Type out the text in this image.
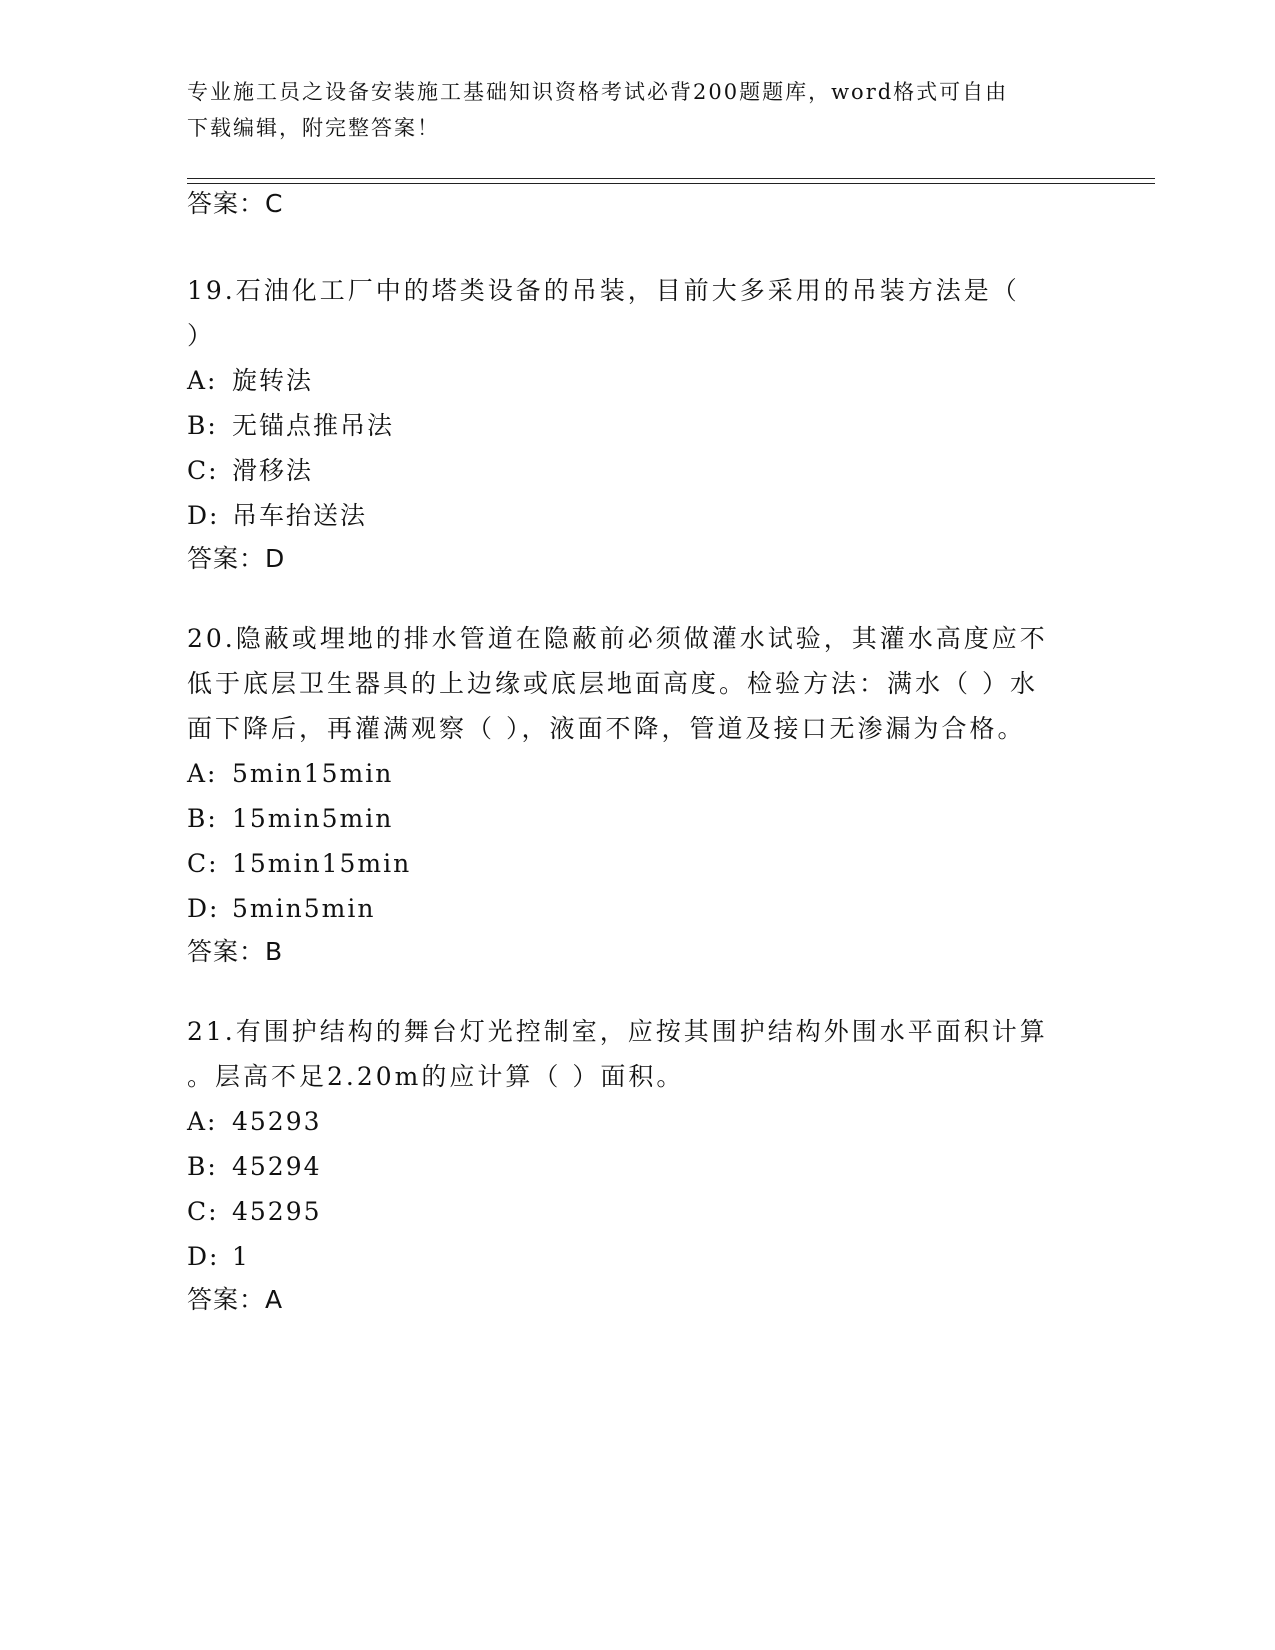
专业施工员之设备安装施工基础知识资格考试必背200题题库，word格式可自由
下载编辑，附完整答案！
答案：C
19.石油化工厂中的塔类设备的吊装，目前大多采用的吊装方法是（
）
A: 旋转法
B: 无锚点推吊法
C: 滑移法
D: 吊车抬送法
答案：D
20.隐蔽或埋地的排水管道在隐蔽前必须做灌水试验，其灌水高度应不
低于底层卫生器具的上边缘或底层地面高度。检验方法：满水（ ）水
面下降后，再灌满观察（ ），液面不降，管道及接口无渗漏为合格。
A: 5min15min
B: 15min5min
C: 15min15min
D: 5min5min
答案：B
21.有围护结构的舞台灯光控制室，应按其围护结构外围水平面积计算
。层高不足2.20m的应计算（ ）面积。
A: 45293
B: 45294
C: 45295
D: 1
答案：A
